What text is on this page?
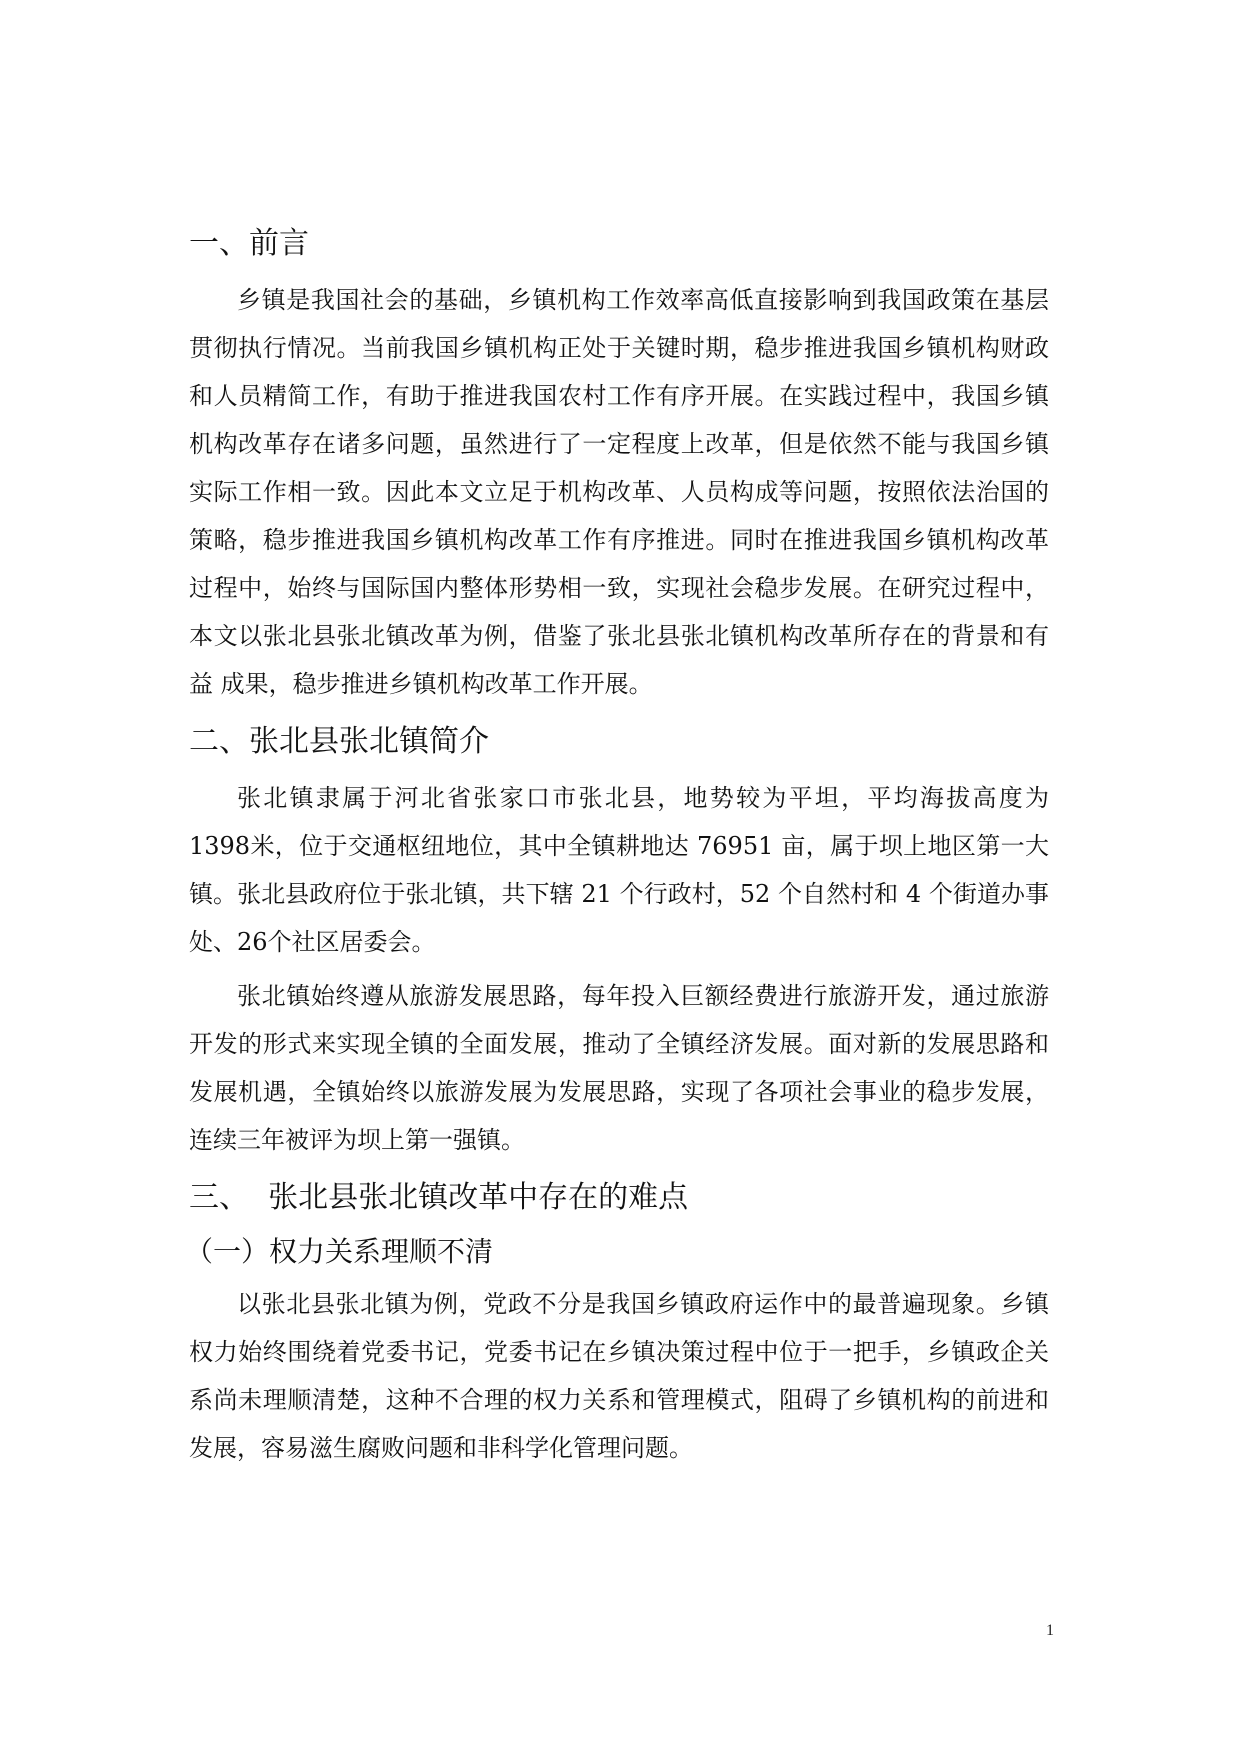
一、前言

乡镇是我国社会的基础，乡镇机构工作效率高低直接影响到我国政策在基层贯彻执行情况。当前我国乡镇机构正处于关键时期，稳步推进我国乡镇机构财政和人员精简工作，有助于推进我国农村工作有序开展。在实践过程中，我国乡镇机构改革存在诸多问题，虽然进行了一定程度上改革，但是依然不能与我国乡镇实际工作相一致。因此本文立足于机构改革、人员构成等问题，按照依法治国的策略，稳步推进我国乡镇机构改革工作有序推进。同时在推进我国乡镇机构改革过程中，始终与国际国内整体形势相一致，实现社会稳步发展。在研究过程中，本文以张北县张北镇改革为例，借鉴了张北县张北镇机构改革所存在的背景和有益 成果，稳步推进乡镇机构改革工作开展。

二、张北县张北镇简介

张北镇隶属于河北省张家口市张北县，地势较为平坦，平均海拔高度为 1398米，位于交通枢纽地位，其中全镇耕地达 76951 亩，属于坝上地区第一大镇。张北县政府位于张北镇，共下辖 21 个行政村，52 个自然村和 4 个街道办事处、26个社区居委会。

张北镇始终遵从旅游发展思路，每年投入巨额经费进行旅游开发，通过旅游开发的形式来实现全镇的全面发展，推动了全镇经济发展。面对新的发展思路和发展机遇，全镇始终以旅游发展为发展思路，实现了各项社会事业的稳步发展，连续三年被评为坝上第一强镇。

三、  张北县张北镇改革中存在的难点
（一）权力关系理顺不清

以张北县张北镇为例，党政不分是我国乡镇政府运作中的最普遍现象。乡镇权力始终围绕着党委书记，党委书记在乡镇决策过程中位于一把手，乡镇政企关系尚未理顺清楚，这种不合理的权力关系和管理模式，阻碍了乡镇机构的前进和发展，容易滋生腐败问题和非科学化管理问题。

1
